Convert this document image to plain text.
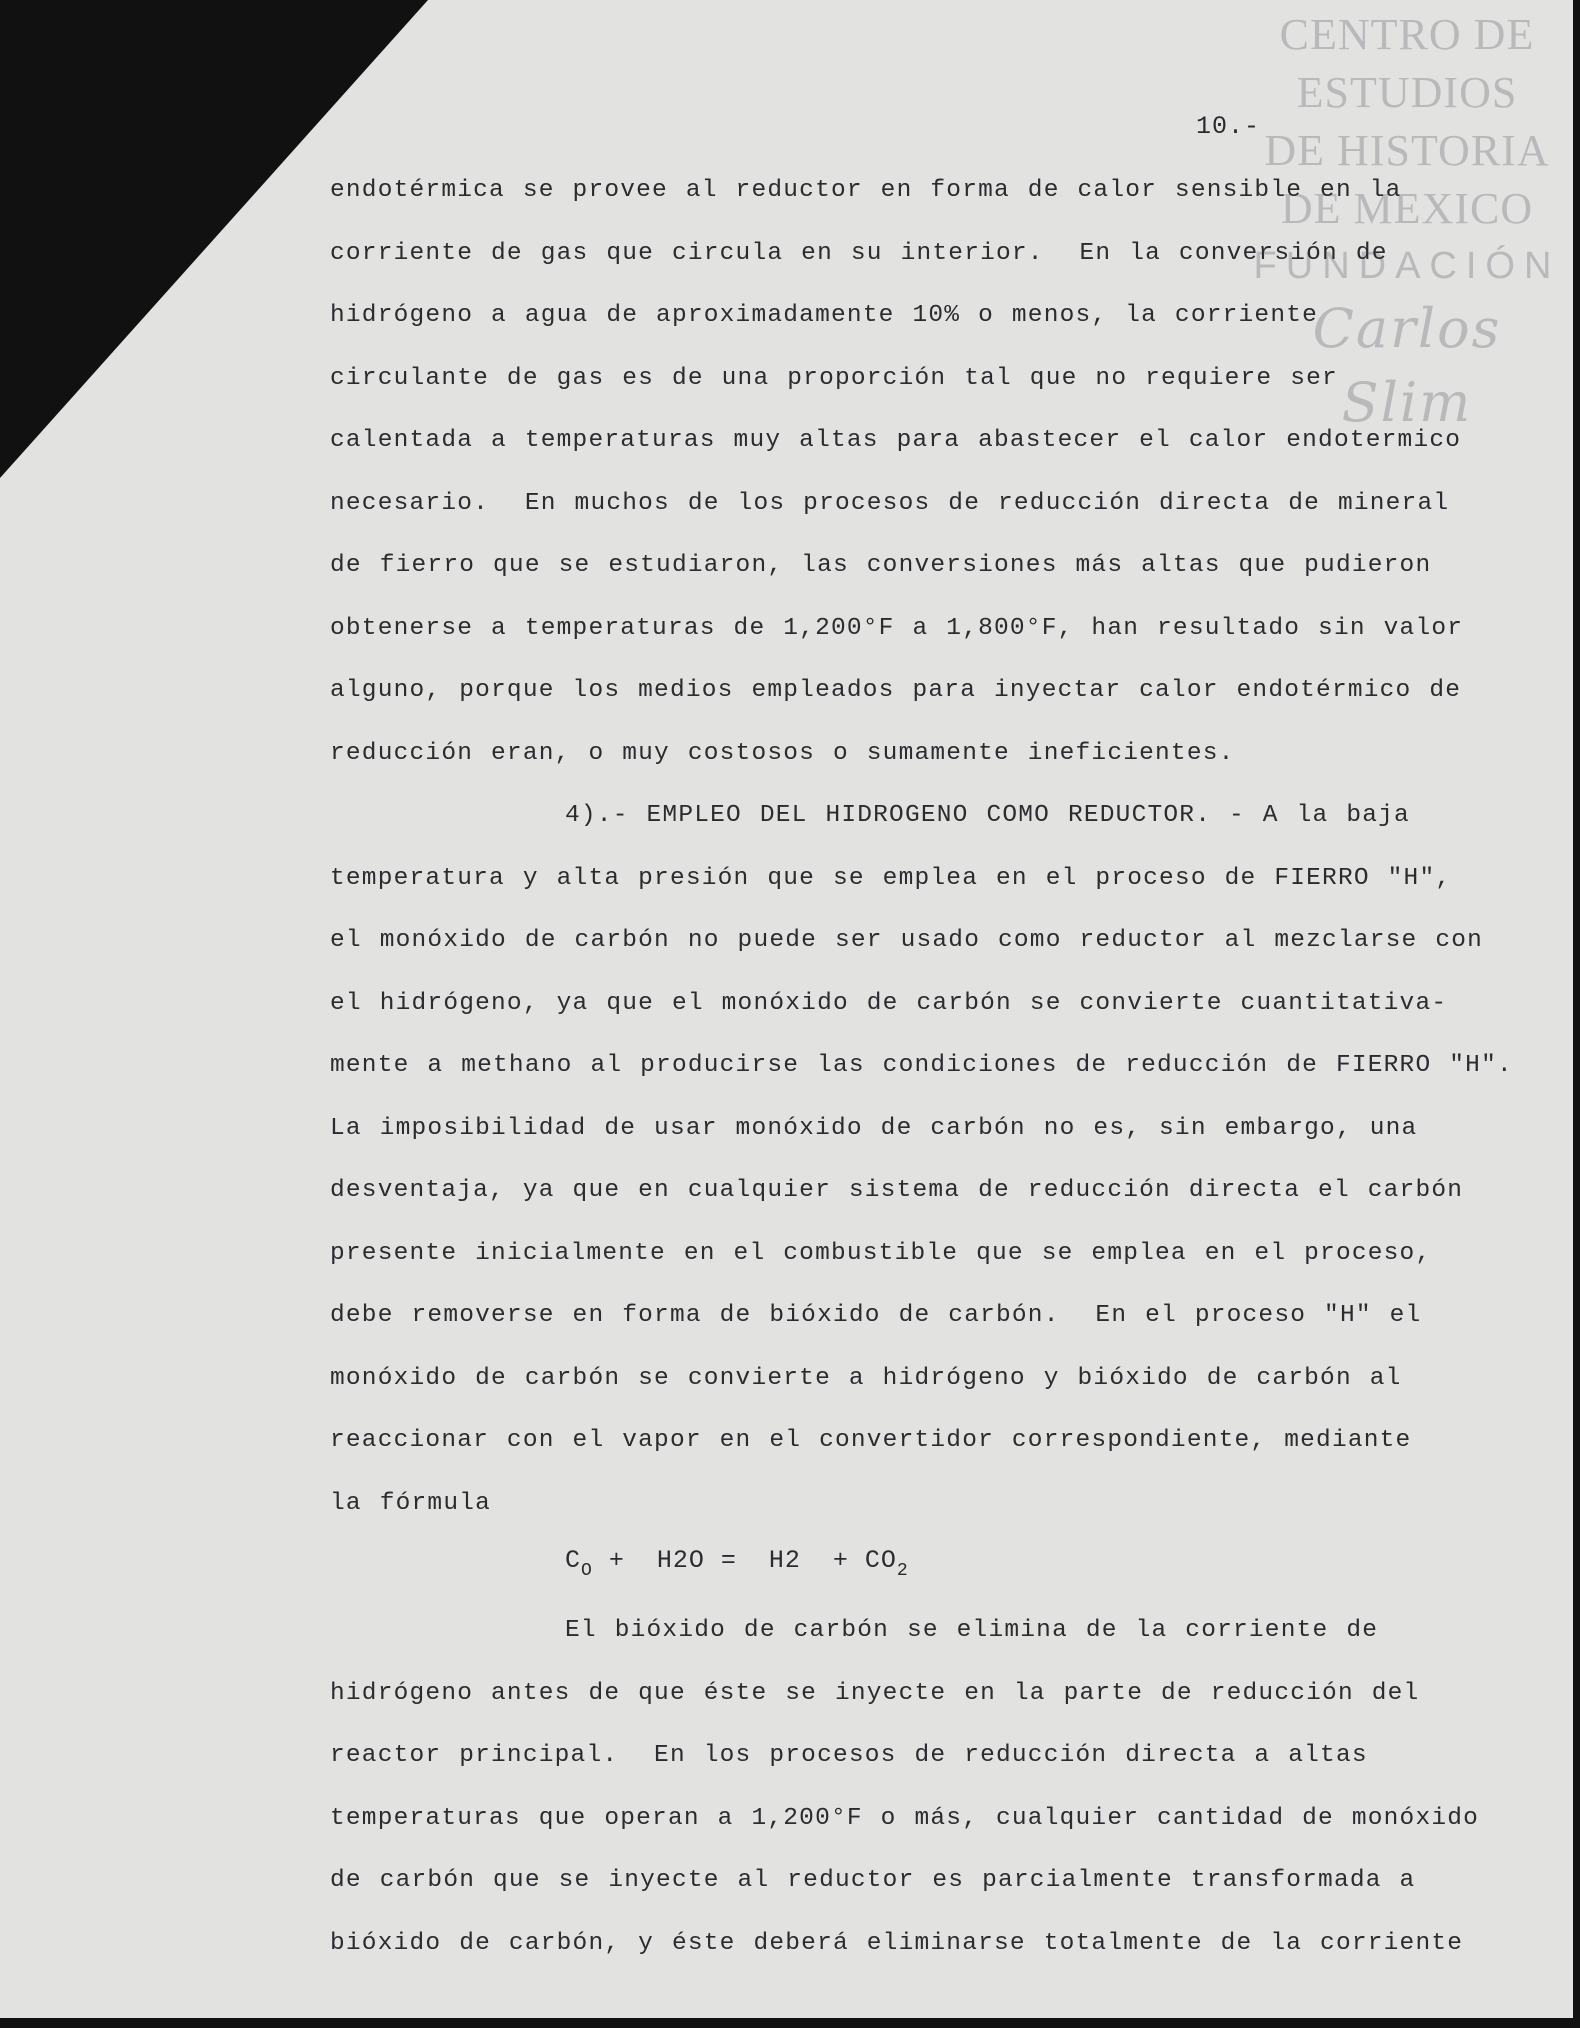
CENTRO DE
ESTUDIOS
DE HISTORIA
DE MEXICO
FUNDACIÓN
Carlos Slim
10.-
endotérmica se provee al reductor en forma de calor sensible en la
corriente de gas que circula en su interior.  En la conversión de
hidrógeno a agua de aproximadamente 10% o menos, la corriente
circulante de gas es de una proporción tal que no requiere ser
calentada a temperaturas muy altas para abastecer el calor endotermico
necesario.  En muchos de los procesos de reducción directa de mineral
de fierro que se estudiaron, las conversiones más altas que pudieron
obtenerse a temperaturas de 1,200°F a 1,800°F, han resultado sin valor
alguno, porque los medios empleados para inyectar calor endotérmico de
reducción eran, o muy costosos o sumamente ineficientes.
4).- EMPLEO DEL HIDROGENO COMO REDUCTOR. - A la baja
temperatura y alta presión que se emplea en el proceso de FIERRO "H",
el monóxido de carbón no puede ser usado como reductor al mezclarse con
el hidrógeno, ya que el monóxido de carbón se convierte cuantitativa-
mente a methano al producirse las condiciones de reducción de FIERRO "H".
La imposibilidad de usar monóxido de carbón no es, sin embargo, una
desventaja, ya que en cualquier sistema de reducción directa el carbón
presente inicialmente en el combustible que se emplea en el proceso,
debe removerse en forma de bióxido de carbón.  En el proceso "H" el
monóxido de carbón se convierte a hidrógeno y bióxido de carbón al
reaccionar con el vapor en el convertidor correspondiente, mediante
la fórmula
$C_O + H2O = H2 + CO_2$
El bióxido de carbón se elimina de la corriente de
hidrógeno antes de que éste se inyecte en la parte de reducción del
reactor principal.  En los procesos de reducción directa a altas
temperaturas que operan a 1,200°F o más, cualquier cantidad de monóxido
de carbón que se inyecte al reductor es parcialmente transformada a
bióxido de carbón, y éste deberá eliminarse totalmente de la corriente
